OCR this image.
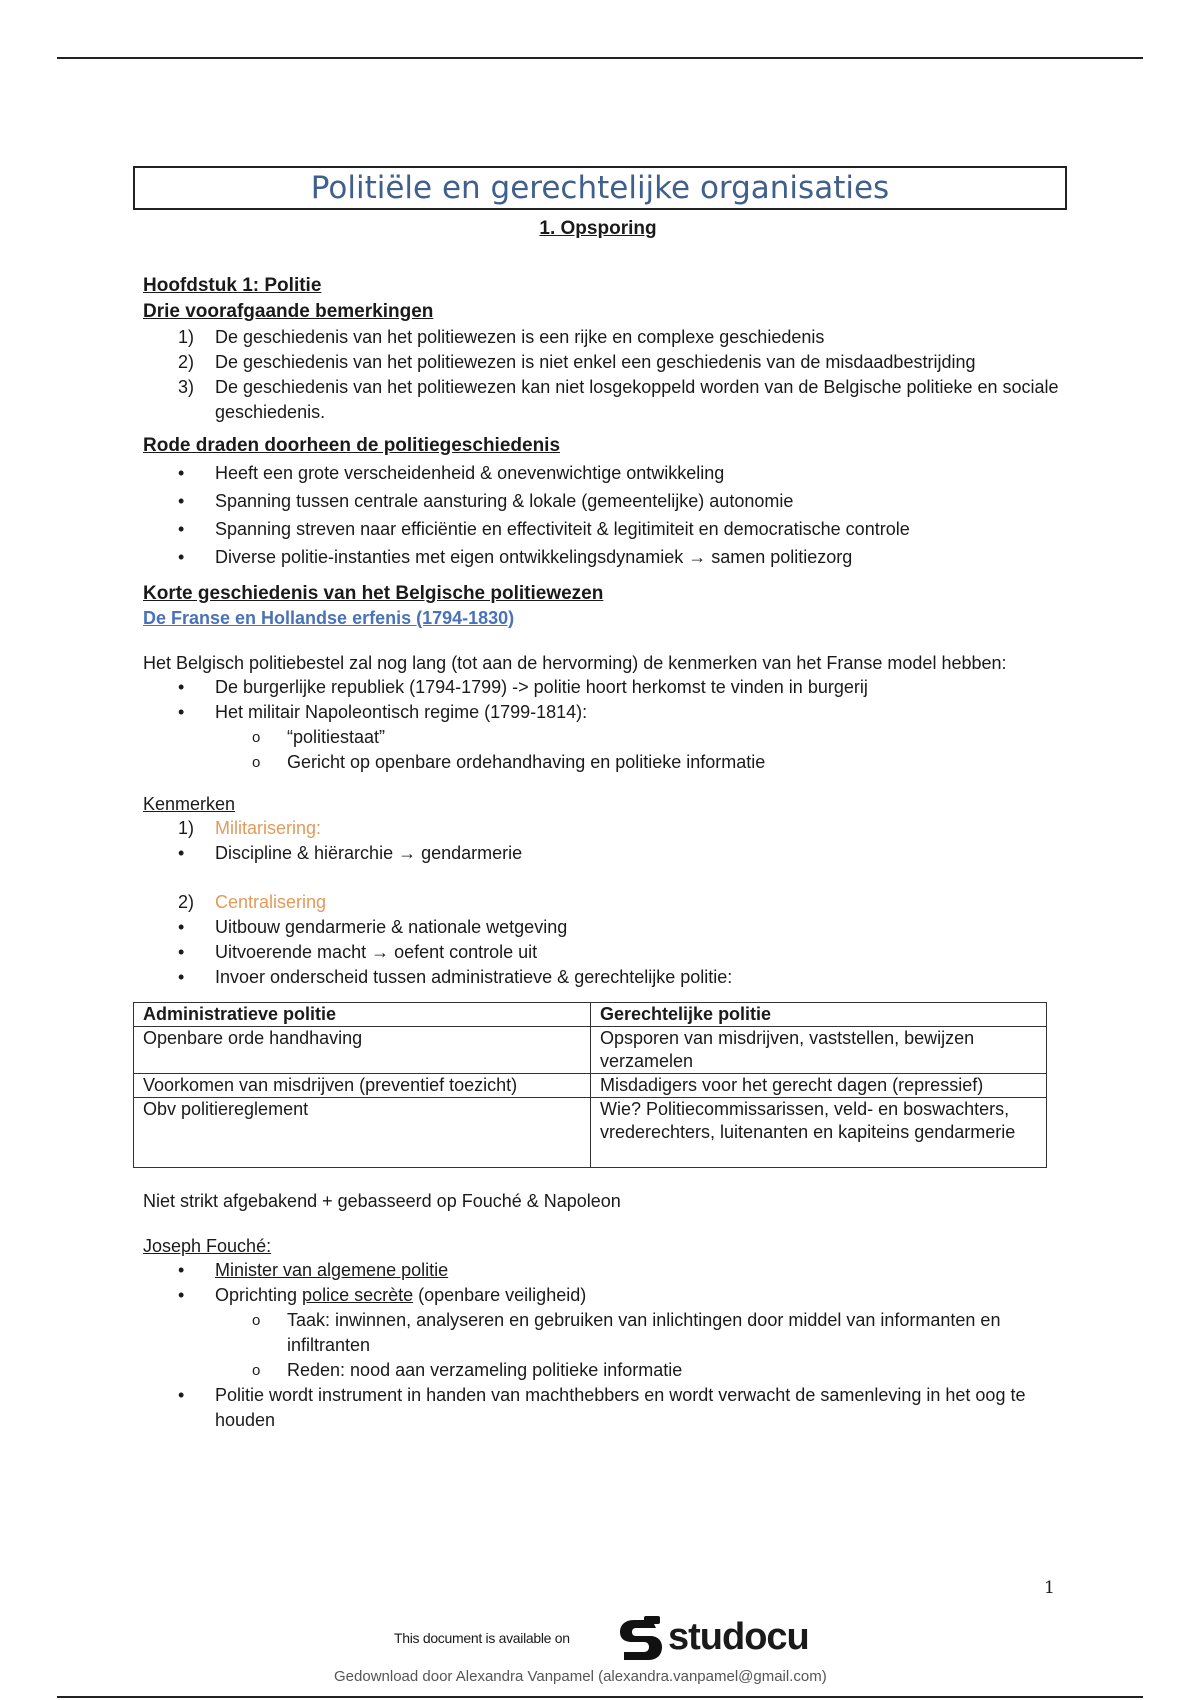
Politiële en gerechtelijke organisaties
1. Opsporing
Hoofdstuk 1: Politie
Drie voorafgaande bemerkingen
1) De geschiedenis van het politiewezen is een rijke en complexe geschiedenis
2) De geschiedenis van het politiewezen is niet enkel een geschiedenis van de misdaadbestrijding
3) De geschiedenis van het politiewezen kan niet losgekoppeld worden van de Belgische politieke en sociale geschiedenis.
Rode draden doorheen de politiegeschiedenis
• Heeft een grote verscheidenheid & onevenwichtige ontwikkeling
• Spanning tussen centrale aansturing & lokale (gemeentelijke) autonomie
• Spanning streven naar efficiëntie en effectiviteit & legitimiteit en democratische controle
• Diverse politie-instanties met eigen ontwikkelingsdynamiek → samen politiezorg
Korte geschiedenis van het Belgische politiewezen
De Franse en Hollandse erfenis (1794-1830)
Het Belgisch politiebestel zal nog lang (tot aan de hervorming) de kenmerken van het Franse model hebben:
• De burgerlijke republiek (1794-1799) -> politie hoort herkomst te vinden in burgerij
• Het militair Napoleontisch regime (1799-1814):
o “politiestaat”
o Gericht op openbare ordehandhaving en politieke informatie
Kenmerken
1) Militarisering:
• Discipline & hiërarchie → gendarmerie
2) Centralisering
• Uitbouw gendarmerie & nationale wetgeving
• Uitvoerende macht → oefent controle uit
• Invoer onderscheid tussen administratieve & gerechtelijke politie:
Administratieve politie	Gerechtelijke politie
Openbare orde handhaving	Opsporen van misdrijven, vaststellen, bewijzen verzamelen
Voorkomen van misdrijven (preventief toezicht)	Misdadigers voor het gerecht dagen (repressief)
Obv politiereglement	Wie? Politiecommissarissen, veld- en boswachters, vrederechters, luitenanten en kapiteins gendarmerie
Niet strikt afgebakend + gebasseerd op Fouché & Napoleon
Joseph Fouché:
• Minister van algemene politie
• Oprichting police secrète (openbare veiligheid)
o Taak: inwinnen, analyseren en gebruiken van inlichtingen door middel van informanten en infiltranten
o Reden: nood aan verzameling politieke informatie
• Politie wordt instrument in handen van machthebbers en wordt verwacht de samenleving in het oog te houden
1
This document is available on	studocu
Gedownload door Alexandra Vanpamel (alexandra.vanpamel@gmail.com)
